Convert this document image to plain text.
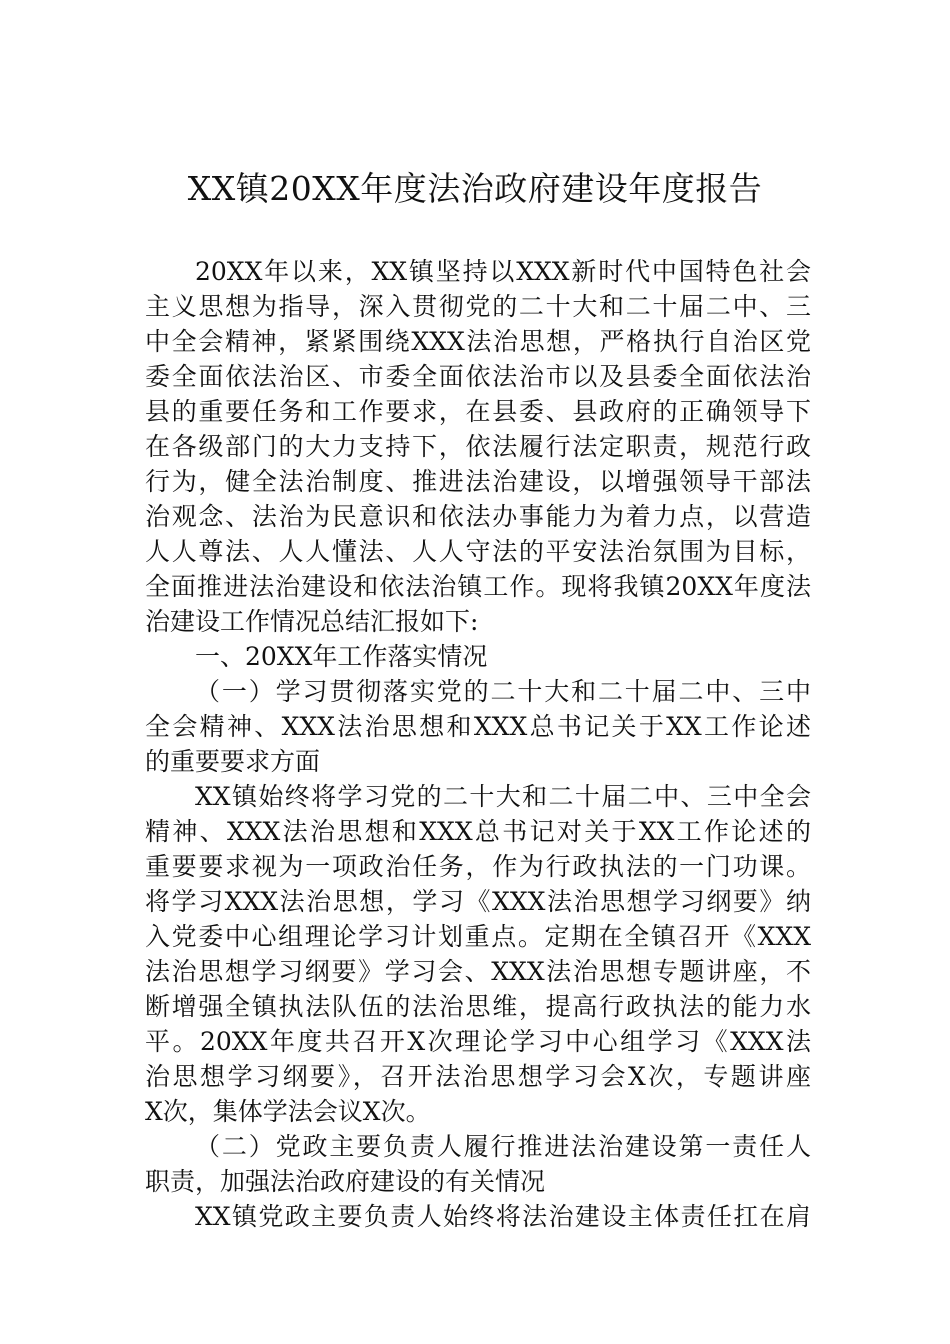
XX镇20XX年度法治政府建设年度报告
20XX年以来，XX镇坚持以XXX新时代中国特色社会
主义思想为指导，深入贯彻党的二十大和二十届二中、三
中全会精神，紧紧围绕XXX法治思想，严格执行自治区党
委全面依法治区、市委全面依法治市以及县委全面依法治
县的重要任务和工作要求，在县委、县政府的正确领导下
在各级部门的大力支持下，依法履行法定职责，规范行政
行为，健全法治制度、推进法治建设，以增强领导干部法
治观念、法治为民意识和依法办事能力为着力点，以营造
人人尊法、人人懂法、人人守法的平安法治氛围为目标，
全面推进法治建设和依法治镇工作。现将我镇20XX年度法
治建设工作情况总结汇报如下:
一、20XX年工作落实情况
（一）学习贯彻落实党的二十大和二十届二中、三中
全会精神、XXX法治思想和XXX总书记关于XX工作论述
的重要要求方面
XX镇始终将学习党的二十大和二十届二中、三中全会
精神、XXX法治思想和XXX总书记对关于XX工作论述的
重要要求视为一项政治任务，作为行政执法的一门功课。
将学习XXX法治思想，学习《XXX法治思想学习纲要》纳
入党委中心组理论学习计划重点。定期在全镇召开《XXX
法治思想学习纲要》学习会、XXX法治思想专题讲座，不
断增强全镇执法队伍的法治思维，提高行政执法的能力水
平。20XX年度共召开X次理论学习中心组学习《XXX法
治思想学习纲要》，召开法治思想学习会X次，专题讲座
X次，集体学法会议X次。
（二）党政主要负责人履行推进法治建设第一责任人
职责，加强法治政府建设的有关情况
XX镇党政主要负责人始终将法治建设主体责任扛在肩
